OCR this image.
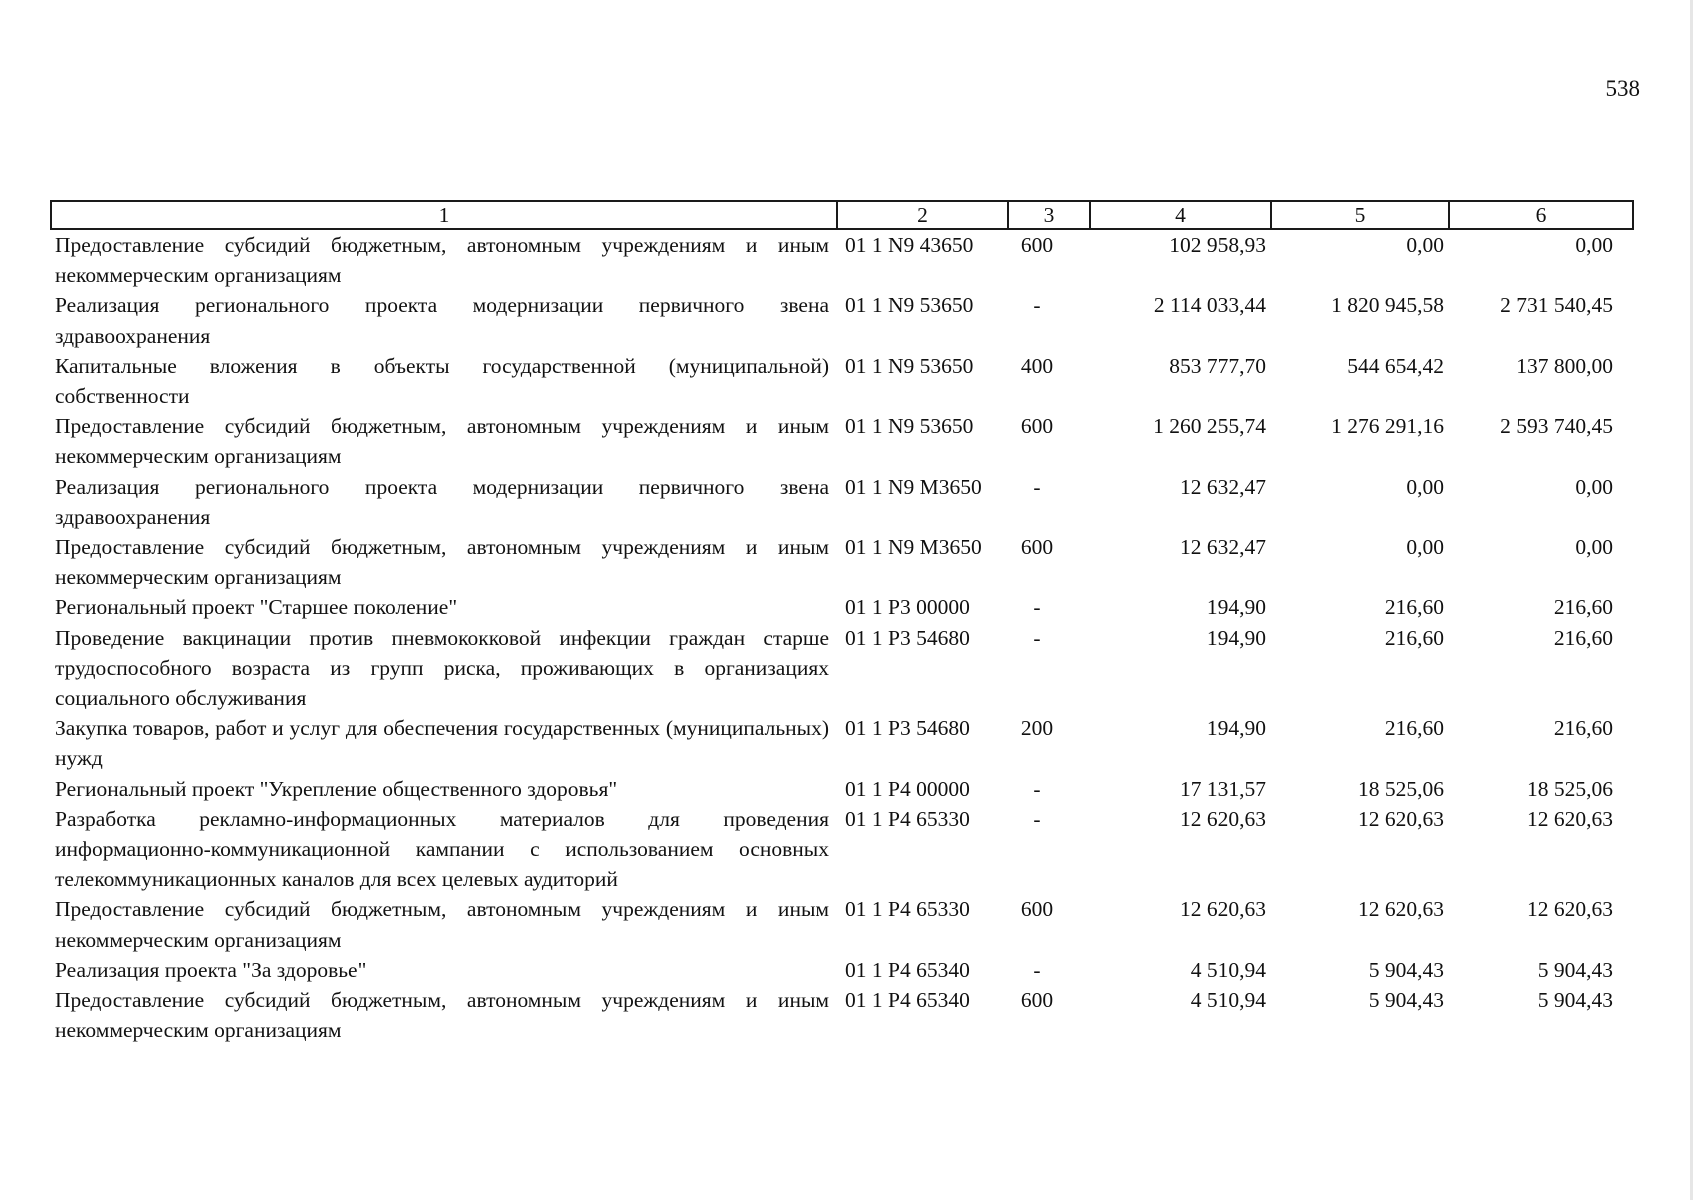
538
1	2	3	4	5	6
Предоставление субсидий бюджетным, автономным учреждениям и иным некоммерческим организациям	01 1 N9 43650	600	102 958,93	0,00	0,00
Реализация регионального проекта модернизации первичного звена здравоохранения	01 1 N9 53650	-	2 114 033,44	1 820 945,58	2 731 540,45
Капитальные вложения в объекты государственной (муниципальной) собственности	01 1 N9 53650	400	853 777,70	544 654,42	137 800,00
Предоставление субсидий бюджетным, автономным учреждениям и иным некоммерческим организациям	01 1 N9 53650	600	1 260 255,74	1 276 291,16	2 593 740,45
Реализация регионального проекта модернизации первичного звена здравоохранения	01 1 N9 M3650	-	12 632,47	0,00	0,00
Предоставление субсидий бюджетным, автономным учреждениям и иным некоммерческим организациям	01 1 N9 M3650	600	12 632,47	0,00	0,00
Региональный проект "Старшее поколение"	01 1 P3 00000	-	194,90	216,60	216,60
Проведение вакцинации против пневмококковой инфекции граждан старше трудоспособного возраста из групп риска, проживающих в организациях социального обслуживания	01 1 P3 54680	-	194,90	216,60	216,60
Закупка товаров, работ и услуг для обеспечения государственных (муниципальных) нужд	01 1 P3 54680	200	194,90	216,60	216,60
Региональный проект "Укрепление общественного здоровья"	01 1 P4 00000	-	17 131,57	18 525,06	18 525,06
Разработка рекламно-информационных материалов для проведения информационно-коммуникационной кампании с использованием основных телекоммуникационных каналов для всех целевых аудиторий	01 1 P4 65330	-	12 620,63	12 620,63	12 620,63
Предоставление субсидий бюджетным, автономным учреждениям и иным некоммерческим организациям	01 1 P4 65330	600	12 620,63	12 620,63	12 620,63
Реализация проекта "За здоровье"	01 1 P4 65340	-	4 510,94	5 904,43	5 904,43
Предоставление субсидий бюджетным, автономным учреждениям и иным некоммерческим организациям	01 1 P4 65340	600	4 510,94	5 904,43	5 904,43
